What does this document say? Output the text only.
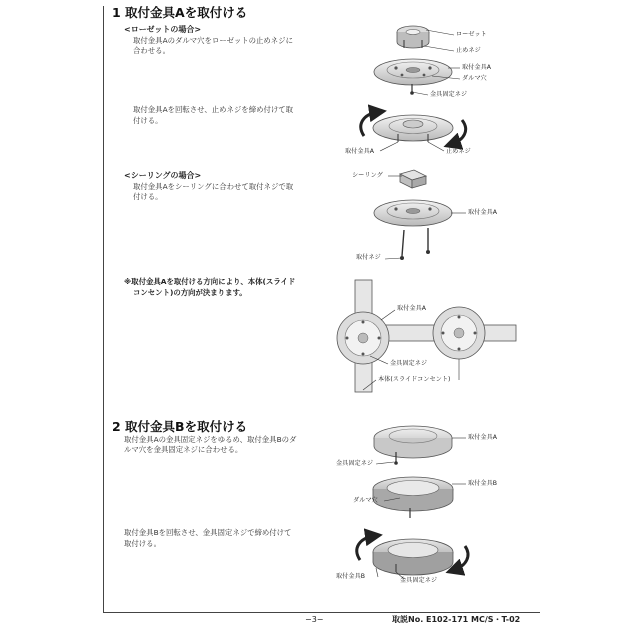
1 取付金具Aを取付ける
<ローゼットの場合>
取付金具Aのダルマ穴をローゼットの止めネジに
合わせる。
取付金具Aを回転させ、止めネジを締め付けて取
付ける。
<シーリングの場合>
取付金具Aをシーリングに合わせて取付ネジで取
付ける。
※取付金具Aを取付ける方向により、本体(スライド
コンセント)の方向が決まります。
2 取付金具Bを取付ける
取付金具Aの金具固定ネジをゆるめ、取付金具Bのダ
ルマ穴を金具固定ネジに合わせる。
取付金具Bを回転させ、金具固定ネジで締め付けて
取付ける。
ローゼット
止めネジ
取付金具A
ダルマ穴
金具固定ネジ
取付金具A	止めネジ
シーリング
取付金具A
取付ネジ
取付金具A
金具固定ネジ
本体(スライドコンセント)
取付金具A
金具固定ネジ
取付金具B
ダルマ穴
取付金具B
金具固定ネジ
−3−	取説No. E102-171 MC/S・T-02
